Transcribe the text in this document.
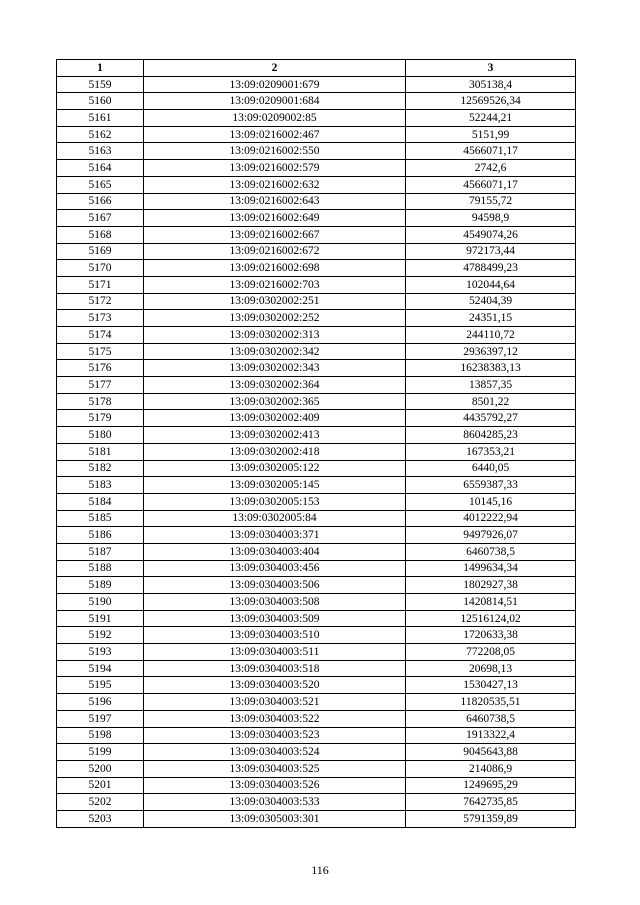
1	2	3
5159	13:09:0209001:679	305138,4
5160	13:09:0209001:684	12569526,34
5161	13:09:0209002:85	52244,21
5162	13:09:0216002:467	5151,99
5163	13:09:0216002:550	4566071,17
5164	13:09:0216002:579	2742,6
5165	13:09:0216002:632	4566071,17
5166	13:09:0216002:643	79155,72
5167	13:09:0216002:649	94598,9
5168	13:09:0216002:667	4549074,26
5169	13:09:0216002:672	972173,44
5170	13:09:0216002:698	4788499,23
5171	13:09:0216002:703	102044,64
5172	13:09:0302002:251	52404,39
5173	13:09:0302002:252	24351,15
5174	13:09:0302002:313	244110,72
5175	13:09:0302002:342	2936397,12
5176	13:09:0302002:343	16238383,13
5177	13:09:0302002:364	13857,35
5178	13:09:0302002:365	8501,22
5179	13:09:0302002:409	4435792,27
5180	13:09:0302002:413	8604285,23
5181	13:09:0302002:418	167353,21
5182	13:09:0302005:122	6440,05
5183	13:09:0302005:145	6559387,33
5184	13:09:0302005:153	10145,16
5185	13:09:0302005:84	4012222,94
5186	13:09:0304003:371	9497926,07
5187	13:09:0304003:404	6460738,5
5188	13:09:0304003:456	1499634,34
5189	13:09:0304003:506	1802927,38
5190	13:09:0304003:508	1420814,51
5191	13:09:0304003:509	12516124,02
5192	13:09:0304003:510	1720633,38
5193	13:09:0304003:511	772208,05
5194	13:09:0304003:518	20698,13
5195	13:09:0304003:520	1530427,13
5196	13:09:0304003:521	11820535,51
5197	13:09:0304003:522	6460738,5
5198	13:09:0304003:523	1913322,4
5199	13:09:0304003:524	9045643,88
5200	13:09:0304003:525	214086,9
5201	13:09:0304003:526	1249695,29
5202	13:09:0304003:533	7642735,85
5203	13:09:0305003:301	5791359,89
116
